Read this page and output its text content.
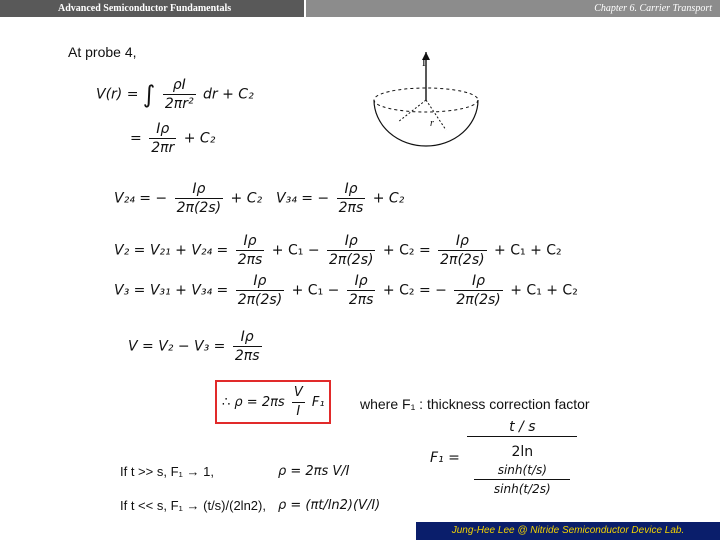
Advanced Semiconductor Fundamentals	Chapter 6. Carrier Transport
At probe 4,
I
r
V(r) = ∫ $\frac{\rho I}{\text{2πr²}}$ dr + C₂
= $\frac{I\rho}{2\pi r} + C_2$
V₂₄ = − $\frac{I\rho}{2\pi(2s)} + C_2$ V₃₄ = − $\frac{I\rho}{2\pi s} + C_2$
$V_2 = V_{21} + V_{24} = \frac{I\rho}{2\pi s} + C_1 - \frac{I\rho}{2\pi(2s)} + C_2 = \frac{I\rho}{2\pi(2s)} + C_1 + C_2$
$V_3 = V_{31} + V_{34} = \frac{I\rho}{2\pi(2s)} + C_1 - \frac{I\rho}{2\pi s} + C_2$ = − $\frac{I\rho}{2\pi(2s)} + C_1 + C_2$
$V = V_2 - V_3 = \frac{I\rho}{2\pi s}$
∴ $\rho = 2\pi s \frac{V}{I} F_1$	where F₁ : thickness correction factor
F₁ = t / s
2ln
sinh(t/s)
sinh(t/2s)
If t >> s, F₁ → 1,	ρ = 2πs V/I
If t << s, F₁ → (t/s)/(2ln2), ρ = (πt/ln2)(V/I)
Jung-Hee Lee @ Nitride Semiconductor Device Lab.
